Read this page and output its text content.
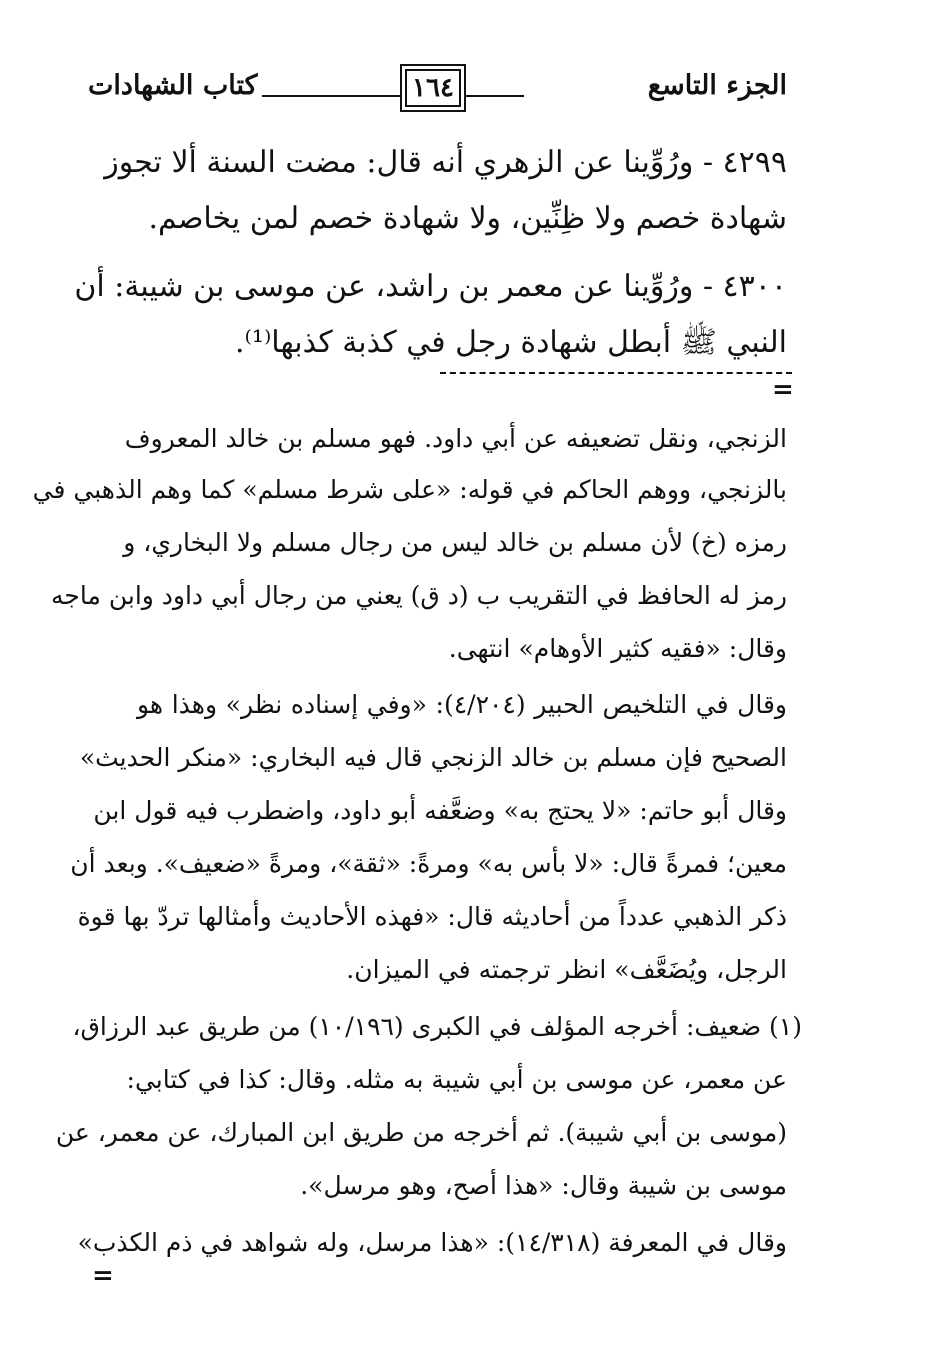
الجزء التاسع
١٦٤
كتاب الشهادات
٤٢٩٩ - ورُوِّينا عن الزهري أنه قال: مضت السنة ألا تجوز
شهادة خصم ولا ظِنِّين، ولا شهادة خصم لمن يخاصم.
٤٣٠٠ - ورُوِّينا عن معمر بن راشد، عن موسى بن شيبة: أن
النبي ﷺ أبطل شهادة رجل في كذبة كذبها⁽¹⁾.
=
الزنجي، ونقل تضعيفه عن أبي داود. فهو مسلم بن خالد المعروف
بالزنجي، ووهم الحاكم في قوله: «على شرط مسلم» كما وهم الذهبي في
رمزه (خ) لأن مسلم بن خالد ليس من رجال مسلم ولا البخاري، و
رمز له الحافظ في التقريب ب (د ق) يعني من رجال أبي داود وابن ماجه
وقال: «فقيه كثير الأوهام» انتهى.
وقال في التلخيص الحبير (٤/٢٠٤): «وفي إسناده نظر» وهذا هو
الصحيح فإن مسلم بن خالد الزنجي قال فيه البخاري: «منكر الحديث»
وقال أبو حاتم: «لا يحتج به» وضعَّفه أبو داود، واضطرب فيه قول ابن
معين؛ فمرةً قال: «لا بأس به» ومرةً: «ثقة»، ومرةً «ضعيف». وبعد أن
ذكر الذهبي عدداً من أحاديثه قال: «فهذه الأحاديث وأمثالها تردّ بها قوة
الرجل، ويُضَعَّف» انظر ترجمته في الميزان.
(١) ضعيف: أخرجه المؤلف في الكبرى (١٠/١٩٦) من طريق عبد الرزاق،
عن معمر، عن موسى بن أبي شيبة به مثله. وقال: كذا في كتابي:
(موسى بن أبي شيبة). ثم أخرجه من طريق ابن المبارك، عن معمر، عن
موسى بن شيبة وقال: «هذا أصح، وهو مرسل».
وقال في المعرفة (١٤/٣١٨): «هذا مرسل، وله شواهد في ذم الكذب»
=
